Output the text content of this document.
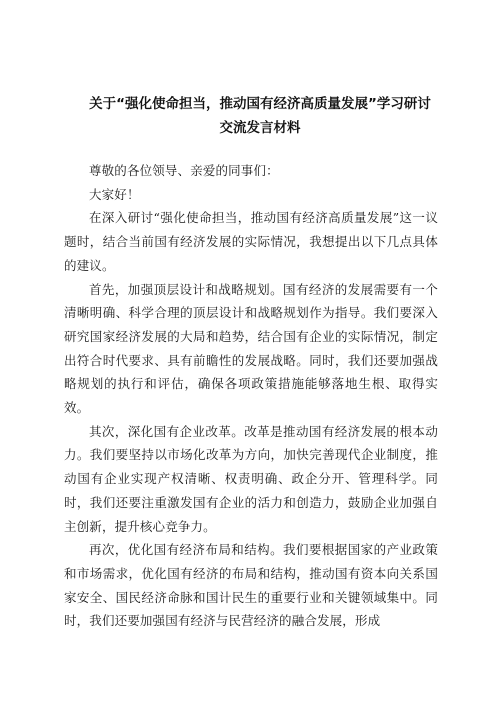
关于“强化使命担当，推动国有经济高质量发展”学习研讨
交流发言材料

尊敬的各位领导、亲爱的同事们：

大家好！

在深入研讨“强化使命担当，推动国有经济高质量发展”这一议题时，结合当前国有经济发展的实际情况，我想提出以下几点具体的建议。

首先，加强顶层设计和战略规划。国有经济的发展需要有一个清晰明确、科学合理的顶层设计和战略规划作为指导。我们要深入研究国家经济发展的大局和趋势，结合国有企业的实际情况，制定出符合时代要求、具有前瞻性的发展战略。同时，我们还要加强战略规划的执行和评估，确保各项政策措施能够落地生根、取得实效。

其次，深化国有企业改革。改革是推动国有经济发展的根本动力。我们要坚持以市场化改革为方向，加快完善现代企业制度，推动国有企业实现产权清晰、权责明确、政企分开、管理科学。同时，我们还要注重激发国有企业的活力和创造力，鼓励企业加强自主创新，提升核心竞争力。

再次，优化国有经济布局和结构。我们要根据国家的产业政策和市场需求，优化国有经济的布局和结构，推动国有资本向关系国家安全、国民经济命脉和国计民生的重要行业和关键领域集中。同时，我们还要加强国有经济与民营经济的融合发展，形成
